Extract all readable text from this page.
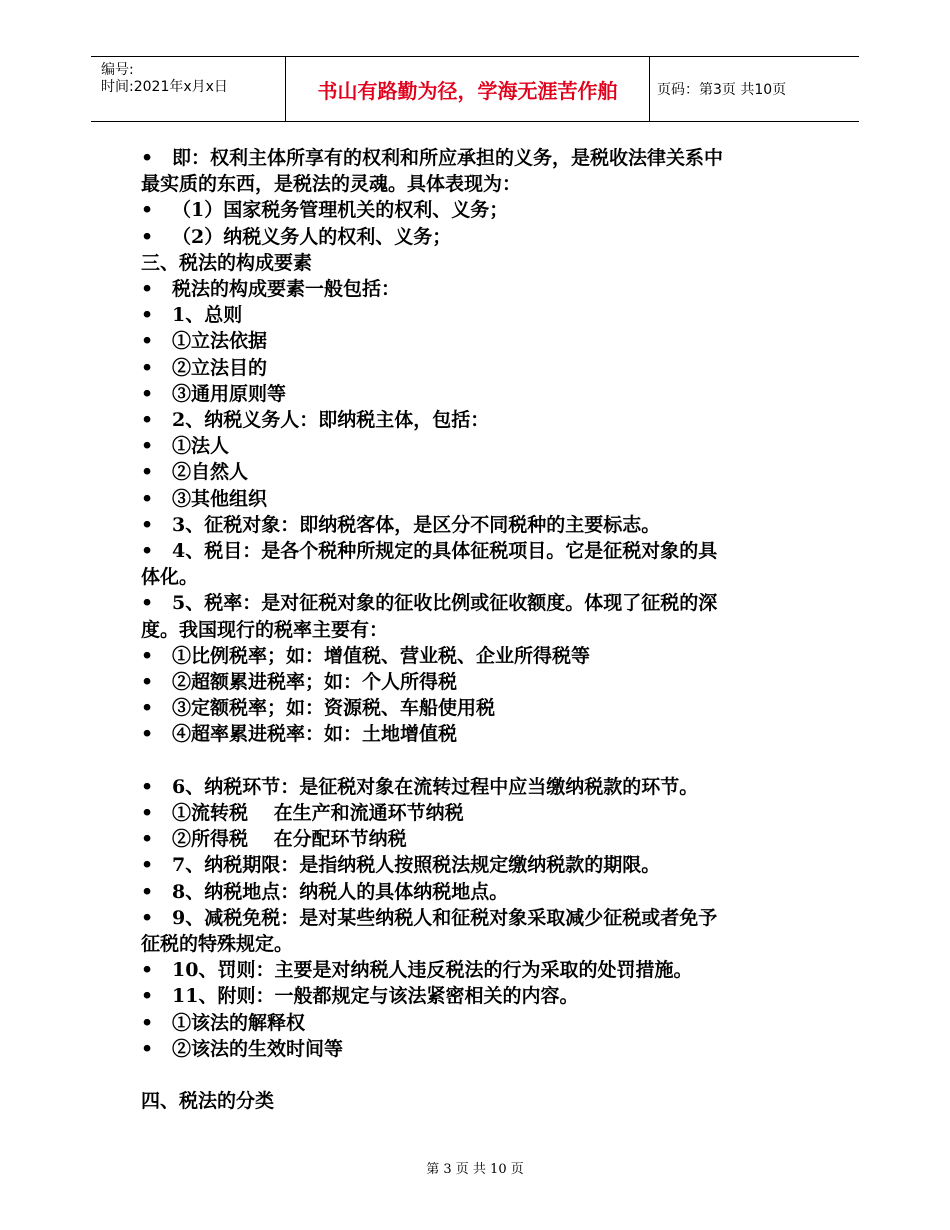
编号:
时间:2021年x月x日	书山有路勤为径，学海无涯苦作舶	页码：第3页 共10页
• 即：权利主体所享有的权利和所应承担的义务，是税收法律关系中
最实质的东西，是税法的灵魂。具体表现为：
• （1）国家税务管理机关的权利、义务；
• （2）纳税义务人的权利、义务；
三、税法的构成要素
• 税法的构成要素一般包括：
• 1、总则
• ①立法依据
• ②立法目的
• ③通用原则等
• 2、纳税义务人：即纳税主体，包括：
• ①法人
• ②自然人
• ③其他组织
• 3、征税对象：即纳税客体，是区分不同税种的主要标志。
• 4、税目：是各个税种所规定的具体征税项目。它是征税对象的具
体化。
• 5、税率：是对征税对象的征收比例或征收额度。体现了征税的深
度。我国现行的税率主要有：
• ①比例税率；如：增值税、营业税、企业所得税等
• ②超额累进税率；如：个人所得税
• ③定额税率；如：资源税、车船使用税
• ④超率累进税率：如：土地增值税
• 6、纳税环节：是征税对象在流转过程中应当缴纳税款的环节。
• ①流转税　 在生产和流通环节纳税
• ②所得税　 在分配环节纳税
• 7、纳税期限：是指纳税人按照税法规定缴纳税款的期限。
• 8、纳税地点：纳税人的具体纳税地点。
• 9、减税免税：是对某些纳税人和征税对象采取减少征税或者免予
征税的特殊规定。
• 10、罚则：主要是对纳税人违反税法的行为采取的处罚措施。
• 11、附则：一般都规定与该法紧密相关的内容。
• ①该法的解释权
• ②该法的生效时间等
四、税法的分类
第 3 页 共 10 页
